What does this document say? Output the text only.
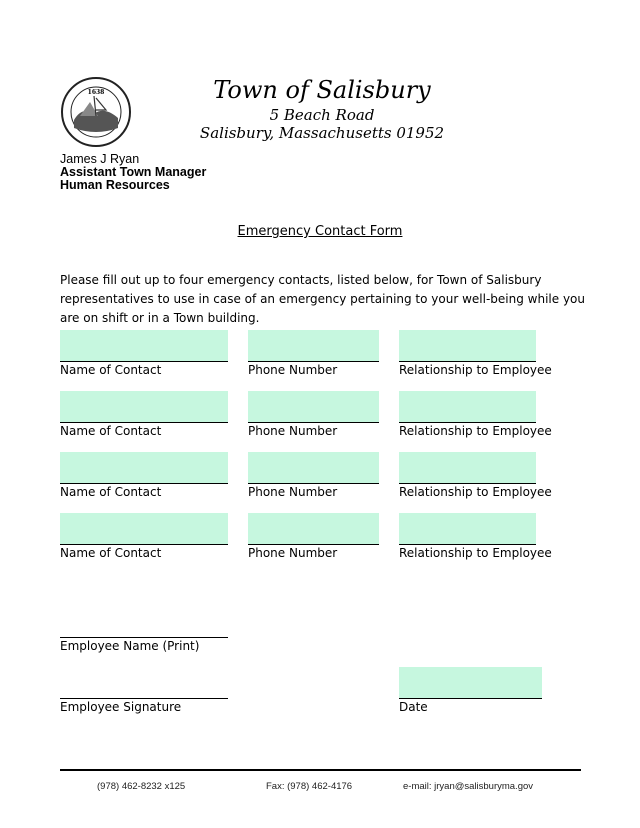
1638	Town of Salisbury
5 Beach Road
Salisbury, Massachusetts 01952
James J Ryan
Assistant Town Manager
Human Resources
Emergency Contact Form
Please fill out up to four emergency contacts, listed below, for Town of Salisbury representatives to use in case of an emergency pertaining to your well-being while you are on shift or in a Town building.
Name of Contact	Phone Number	Relationship to Employee
Name of Contact	Phone Number	Relationship to Employee
Name of Contact	Phone Number	Relationship to Employee
Name of Contact	Phone Number	Relationship to Employee
Employee Name (Print)
Employee Signature	Date
(978) 462-8232 x125	Fax: (978) 462-4176	e-mail: jryan@salisburyma.gov
